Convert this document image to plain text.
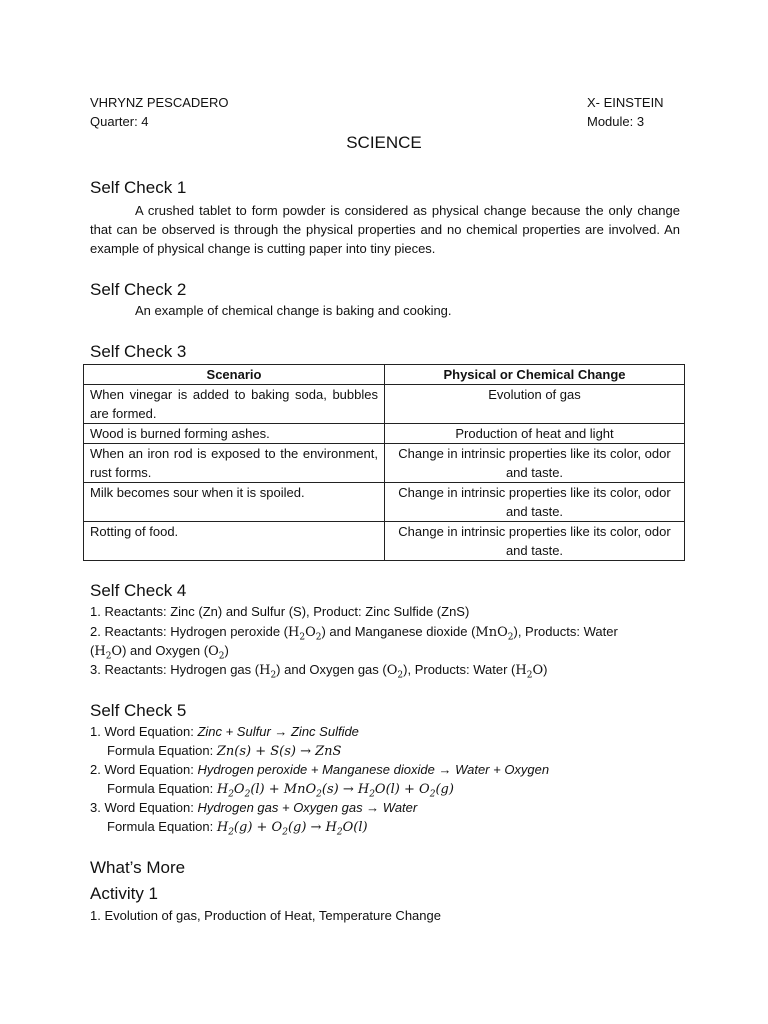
VHRYNZ PESCADERO	X- EINSTEIN
Quarter: 4	Module: 3
SCIENCE
Self Check 1
A crushed tablet to form powder is considered as physical change because the only change that can be observed is through the physical properties and no chemical properties are involved. An example of physical change is cutting paper into tiny pieces.
Self Check 2
An example of chemical change is baking and cooking.
Self Check 3
Scenario	Physical or Chemical Change
When vinegar is added to baking soda, bubbles are formed.	Evolution of gas
Wood is burned forming ashes.	Production of heat and light
When an iron rod is exposed to the environment, rust forms.	Change in intrinsic properties like its color, odor and taste.
Milk becomes sour when it is spoiled.	Change in intrinsic properties like its color, odor and taste.
Rotting of food.	Change in intrinsic properties like its color, odor and taste.
Self Check 4
1. Reactants: Zinc (Zn) and Sulfur (S), Product: Zinc Sulfide (ZnS)
2. Reactants: Hydrogen peroxide $(H_2O_2)$ and Manganese dioxide (MnO$_2$), Products: Water
$(H_2O)$ and Oxygen $(O_2)$
3. Reactants: Hydrogen gas $(H_2)$ and Oxygen gas $(O_2)$, Products: Water $(H_2O)$
Self Check 5
1. Word Equation: Zinc + Sulfur → Zinc Sulfide
Formula Equation: Zn(s) + S(s) → ZnS
2. Word Equation: Hydrogen peroxide + Manganese dioxide → Water + Oxygen
Formula Equation: $H_2O_2(l) + MnO_2(s) \to H_2O(l) + O_2(g)$
3. Word Equation: Hydrogen gas + Oxygen gas → Water
Formula Equation: $H_2(g) + O_2(g) \to H_2O(l)$
What’s More
Activity 1
1. Evolution of gas, Production of Heat, Temperature Change
